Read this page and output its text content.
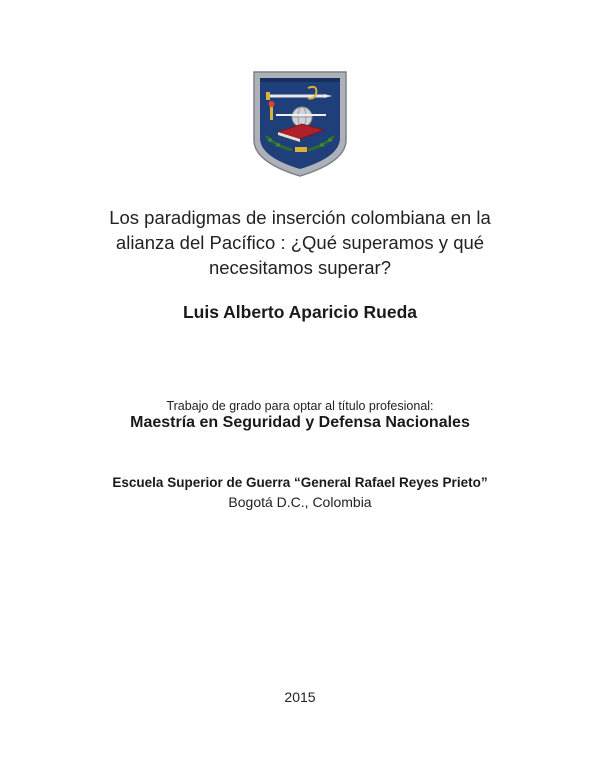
Los paradigmas de inserción colombiana en la
alianza del Pacífico : ¿Qué superamos y qué
necesitamos superar?
Luis Alberto Aparicio Rueda
Trabajo de grado para optar al título profesional:
Maestría en Seguridad y Defensa Nacionales
Escuela Superior de Guerra “General Rafael Reyes Prieto”
Bogotá D.C., Colombia
2015
